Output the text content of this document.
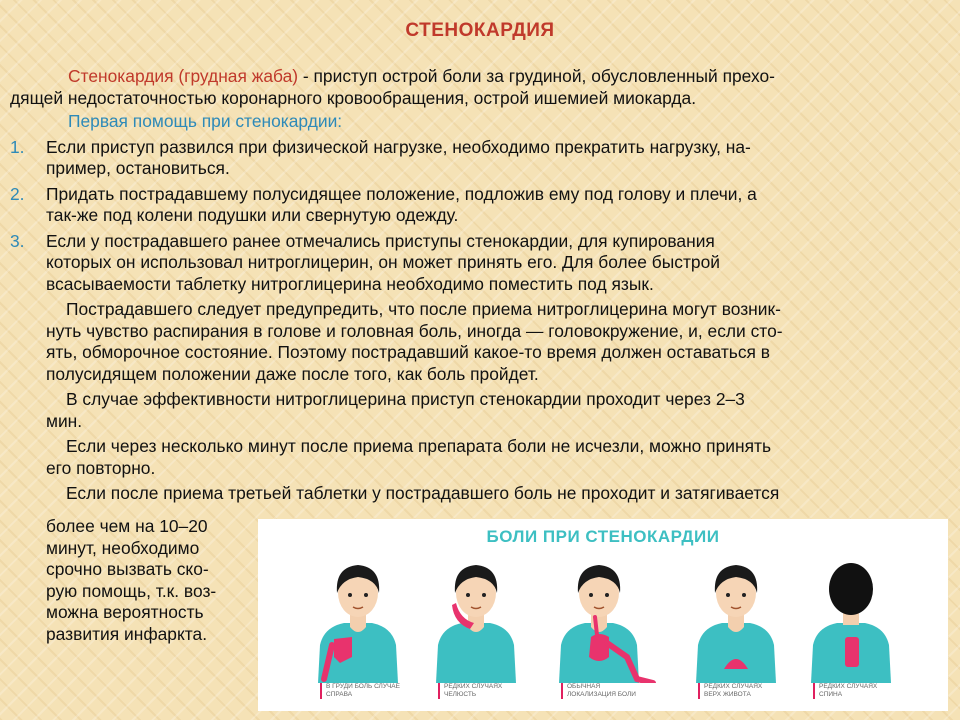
СТЕНОКАРДИЯ
Стенокардия (грудная жаба) - приступ острой боли за грудиной, обусловленный прехо-
дящей недостаточностью коронарного кровообращения, острой ишемией миокарда.
Первая помощь при стенокардии:
1.	Если приступ развился при физической нагрузке, необходимо прекратить нагрузку, на-
пример, остановиться.
2.	Придать пострадавшему полусидящее положение, подложив ему под голову и плечи, а
так-же под колени подушки или свернутую одежду.
3.	Если у пострадавшего ранее отмечались приступы стенокардии, для купирования
которых он использовал нитроглицерин, он может принять его. Для более быстрой
всасываемости таблетку нитроглицерина необходимо поместить под язык.
Пострадавшего следует предупредить, что после приема нитроглицерина могут возник-
нуть чувство распирания в голове и головная боль, иногда — головокружение, и, если сто-
ять, обморочное состояние. Поэтому пострадавший какое-то время должен оставаться в
полусидящем положении даже после того, как боль пройдет.
В случае эффективности нитроглицерина приступ стенокардии проходит через 2–3
мин.
Если через несколько минут после приема препарата боли не исчезли, можно принять
его повторно.
Если после приема третьей таблетки у пострадавшего боль не проходит и затягивается
более чем на 10–20
минут, необходимо
срочно вызвать ско-
рую помощь, т.к. воз-
можна вероятность
развития инфаркта.
БОЛИ ПРИ СТЕНОКАРДИИ
В ГРУДИ БОЛЬ СЛУЧАЕ
СПРАВА
РЕДКИХ СЛУЧАЯХ
ЧЕЛЮСТЬ
ОБЫЧНАЯ
ЛОКАЛИЗАЦИЯ БОЛИ
РЕДКИХ СЛУЧАЯХ
ВЕРХ ЖИВОТА
РЕДКИХ СЛУЧАЯХ
СПИНА
